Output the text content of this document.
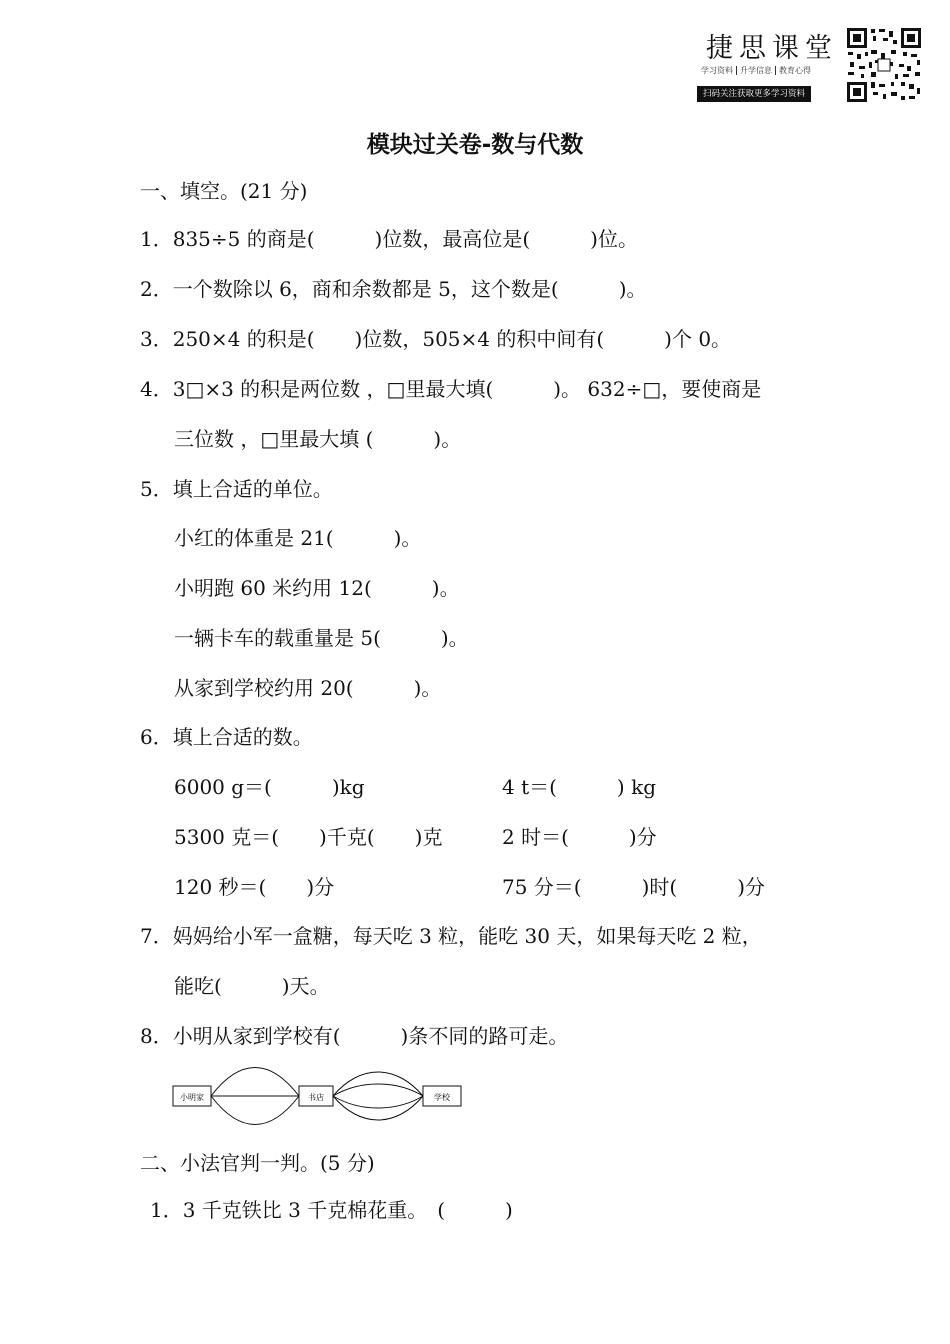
捷思课堂
学习资料 升学信息 教育心得
扫码关注获取更多学习资料
模块过关卷-数与代数
一、填空。(21 分)
1．835÷5 的商是(　　　)位数，最高位是(　　　)位。
2．一个数除以 6，商和余数都是 5，这个数是(　　　)。
3．250×4 的积是(　　)位数，505×4 的积中间有(　　　)个 0。
4．3□×3 的积是两位数 ，□里最大填(　　　)。 632÷□，要使商是
三位数 ，□里最大填 (　　　)。
5．填上合适的单位。
小红的体重是 21(　　　)。
小明跑 60 米约用 12(　　　)。
一辆卡车的载重量是 5(　　　)。
从家到学校约用 20(　　　)。
6．填上合适的数。
6000 g＝(　　　)kg	4 t＝(　　　) kg
5300 克＝(　　)千克(　　)克	2 时＝(　　　)分
120 秒＝(　　)分	75 分＝(　　　)时(　　　)分
7．妈妈给小军一盒糖，每天吃 3 粒，能吃 30 天，如果每天吃 2 粒，
能吃(　　　)天。
8．小明从家到学校有(　　　)条不同的路可走。
小明家	书店	学校
二、小法官判一判。(5 分)
1．3 千克铁比 3 千克棉花重。　(　　　)
